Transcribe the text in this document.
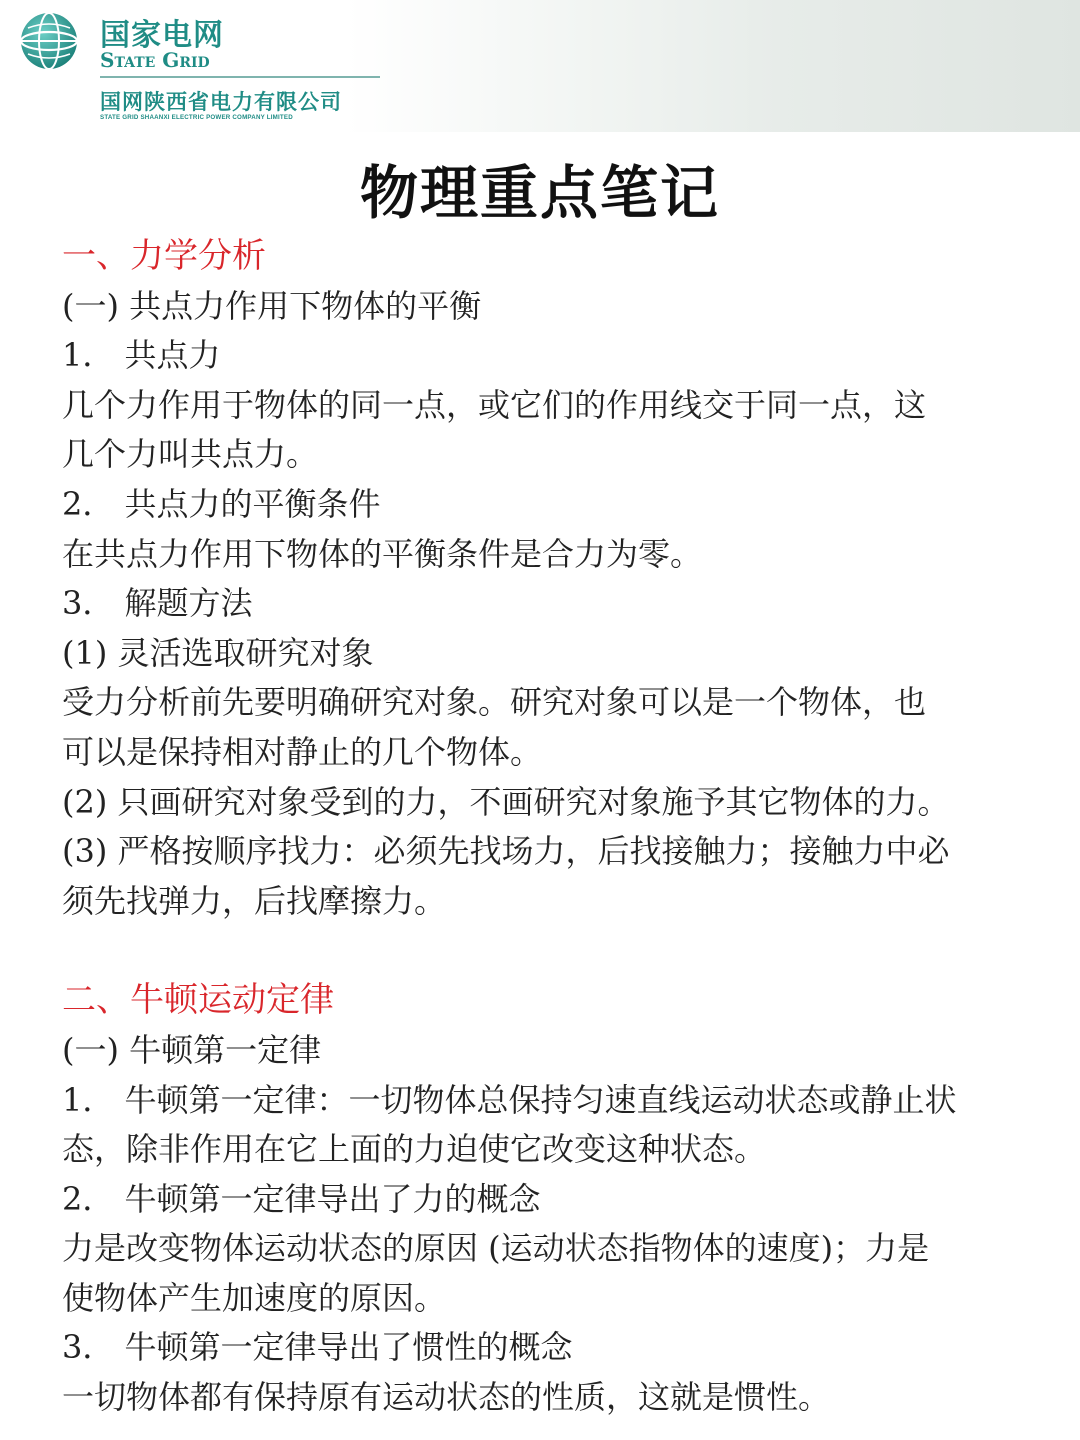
国家电网
State Grid
国网陕西省电力有限公司
STATE GRID SHAANXI ELECTRIC POWER COMPANY LIMITED
物理重点笔记
一、力学分析
(一) 共点力作用下物体的平衡
1． 共点力
几个力作用于物体的同一点，或它们的作用线交于同一点，这
几个力叫共点力。
2． 共点力的平衡条件
在共点力作用下物体的平衡条件是合力为零。
3． 解题方法
(1) 灵活选取研究对象
受力分析前先要明确研究对象。研究对象可以是一个物体，也
可以是保持相对静止的几个物体。
(2) 只画研究对象受到的力，不画研究对象施予其它物体的力。
(3) 严格按顺序找力：必须先找场力，后找接触力；接触力中必
须先找弹力，后找摩擦力。
二、牛顿运动定律
(一) 牛顿第一定律
1． 牛顿第一定律：一切物体总保持匀速直线运动状态或静止状
态，除非作用在它上面的力迫使它改变这种状态。
2． 牛顿第一定律导出了力的概念
力是改变物体运动状态的原因 (运动状态指物体的速度)；力是
使物体产生加速度的原因。
3． 牛顿第一定律导出了惯性的概念
一切物体都有保持原有运动状态的性质，这就是惯性。
